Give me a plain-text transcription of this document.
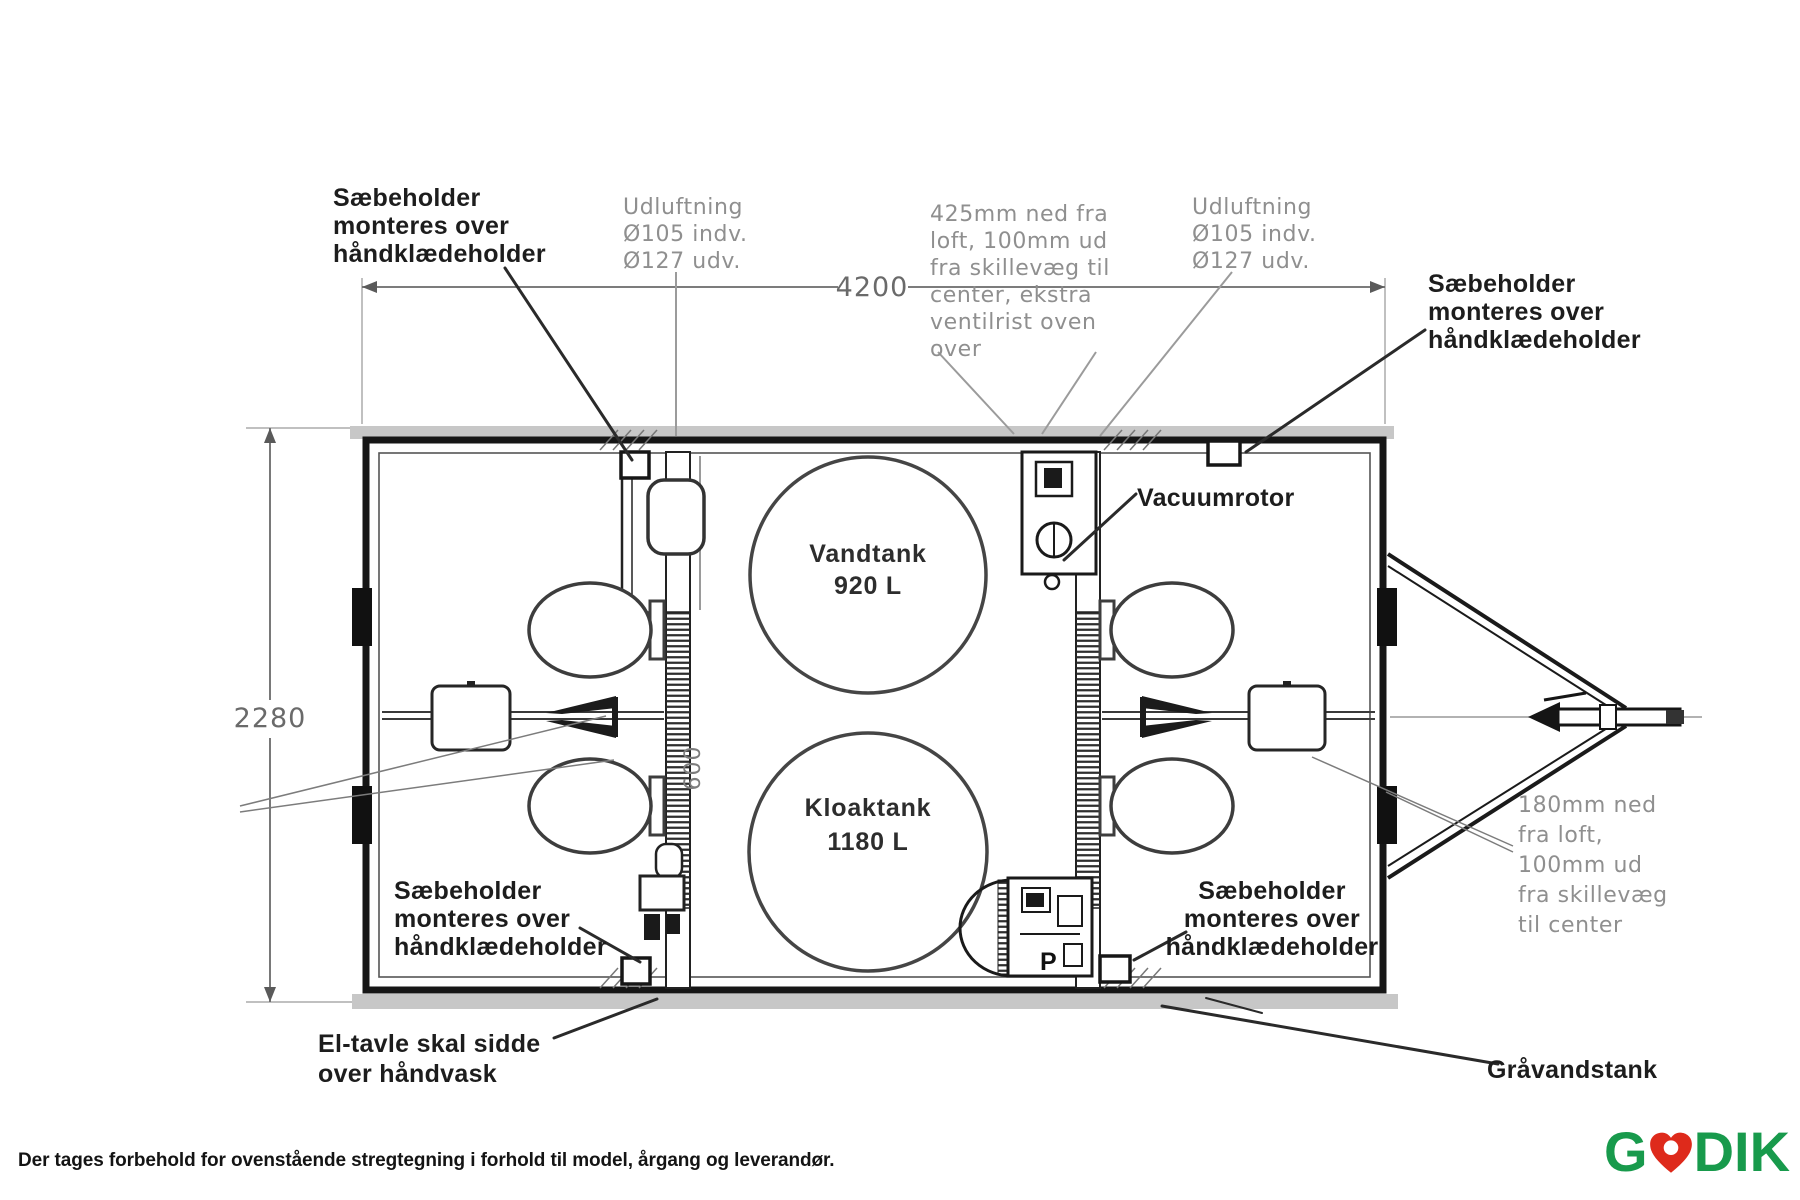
4200
2280
Vandtank
920 L
Kloaktank
1180 L
P
600
Sæbeholder
monteres over
håndklædeholder
Udluftning
Ø105 indv.
Ø127 udv.
425mm ned fra
loft, 100mm ud
fra skillevæg til
center, ekstra
ventilrist oven
over
Udluftning
Ø105 indv.
Ø127 udv.
Sæbeholder
monteres over
håndklædeholder
Vacuumrotor
Sæbeholder
monteres over
håndklædeholder
Sæbeholder
monteres over
håndklædeholder
180mm ned
fra loft,
100mm ud
fra skillevæg
til center
El-tavle skal sidde
over håndvask	Gråvandstank
Der tages forbehold for ovenstående stregtegning i forhold til model, årgang og leverandør.	G DIK
